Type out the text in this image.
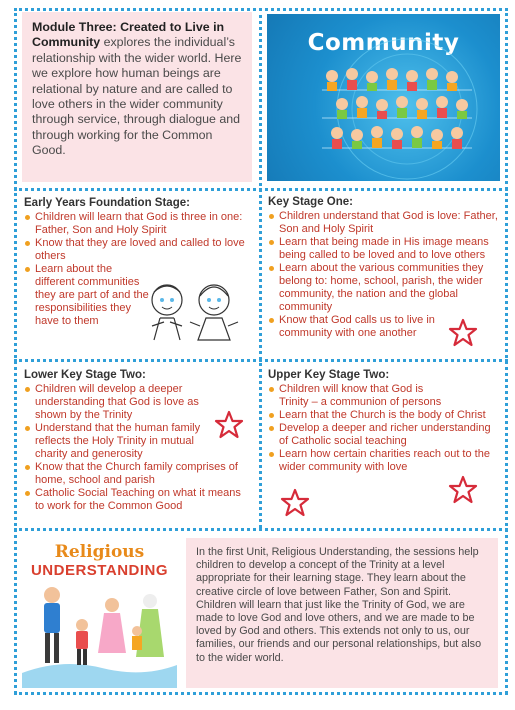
Module Three: Created to Live in Community explores the individual’s relationship with the wider world. Here we explore how human beings are relational by nature and are called to love others in the wider community through service, through dialogue and through working for the Common Good.
Community
Early Years Foundation Stage:
Children will learn that God is three in one: Father, Son and Holy Spirit
Know that they are loved and called to love others
Learn about the different communities they are part of and the responsibilities they have to them
Key Stage One:
Children understand that God is love: Father, Son and Holy Spirit
Learn that being made in His image means being called to be loved and to love others
Learn about the various communities they belong to: home, school, parish, the wider community, the nation and the global community
Know that God calls us to live in community with one another
Lower Key Stage Two:
Children will develop a deeper understanding that God is love as shown by the Trinity
Understand that the human family reflects the Holy Trinity in mutual charity and generosity
Know that the Church family comprises of home, school and parish
Catholic Social Teaching on what it means to work for the Common Good
Upper Key Stage Two:
Children will know that God is Trinity – a communion of persons
Learn that the Church is the body of Christ
Develop a deeper and richer understanding of Catholic social teaching
Learn how certain charities reach out to the wider community with love
Religious
UNDERSTANDING
In the first Unit, Religious Understanding, the sessions help children to develop a concept of the Trinity at a level appropriate for their learning stage. They learn about the creative circle of love between Father, Son and Spirit. Children will learn that just like the Trinity of God, we are made to love God and love others, and we are made to be loved by God and others. This extends not only to us, our families, our friends and our personal relationships, but also to the wider world.
